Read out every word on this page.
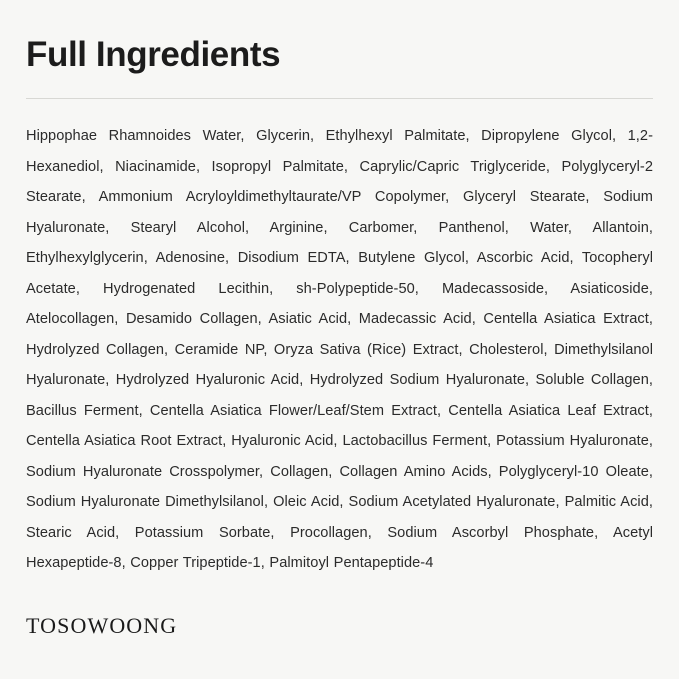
Full Ingredients

Hippophae Rhamnoides Water, Glycerin, Ethylhexyl Palmitate, Dipropylene Glycol, 1,2-Hexanediol, Niacinamide, Isopropyl Palmitate, Caprylic/Capric Triglyceride, Polyglyceryl-2 Stearate, Ammonium Acryloyldimethyltaurate/VP Copolymer, Glyceryl Stearate, Sodium Hyaluronate, Stearyl Alcohol, Arginine, Carbomer, Panthenol, Water, Allantoin, Ethylhexylglycerin, Adenosine, Disodium EDTA, Butylene Glycol, Ascorbic Acid, Tocopheryl Acetate, Hydrogenated Lecithin, sh-Polypeptide-50, Madecassoside, Asiaticoside, Atelocollagen, Desamido Collagen, Asiatic Acid, Madecassic Acid, Centella Asiatica Extract, Hydrolyzed Collagen, Ceramide NP, Oryza Sativa (Rice) Extract, Cholesterol, Dimethylsilanol Hyaluronate, Hydrolyzed Hyaluronic Acid, Hydrolyzed Sodium Hyaluronate, Soluble Collagen, Bacillus Ferment, Centella Asiatica Flower/Leaf/Stem Extract, Centella Asiatica Leaf Extract, Centella Asiatica Root Extract, Hyaluronic Acid, Lactobacillus Ferment, Potassium Hyaluronate, Sodium Hyaluronate Crosspolymer, Collagen, Collagen Amino Acids, Polyglyceryl-10 Oleate, Sodium Hyaluronate Dimethylsilanol, Oleic Acid, Sodium Acetylated Hyaluronate, Palmitic Acid, Stearic Acid, Potassium Sorbate, Procollagen, Sodium Ascorbyl Phosphate, Acetyl Hexapeptide-8, Copper Tripeptide-1, Palmitoyl Pentapeptide-4

TOSOWOONG
